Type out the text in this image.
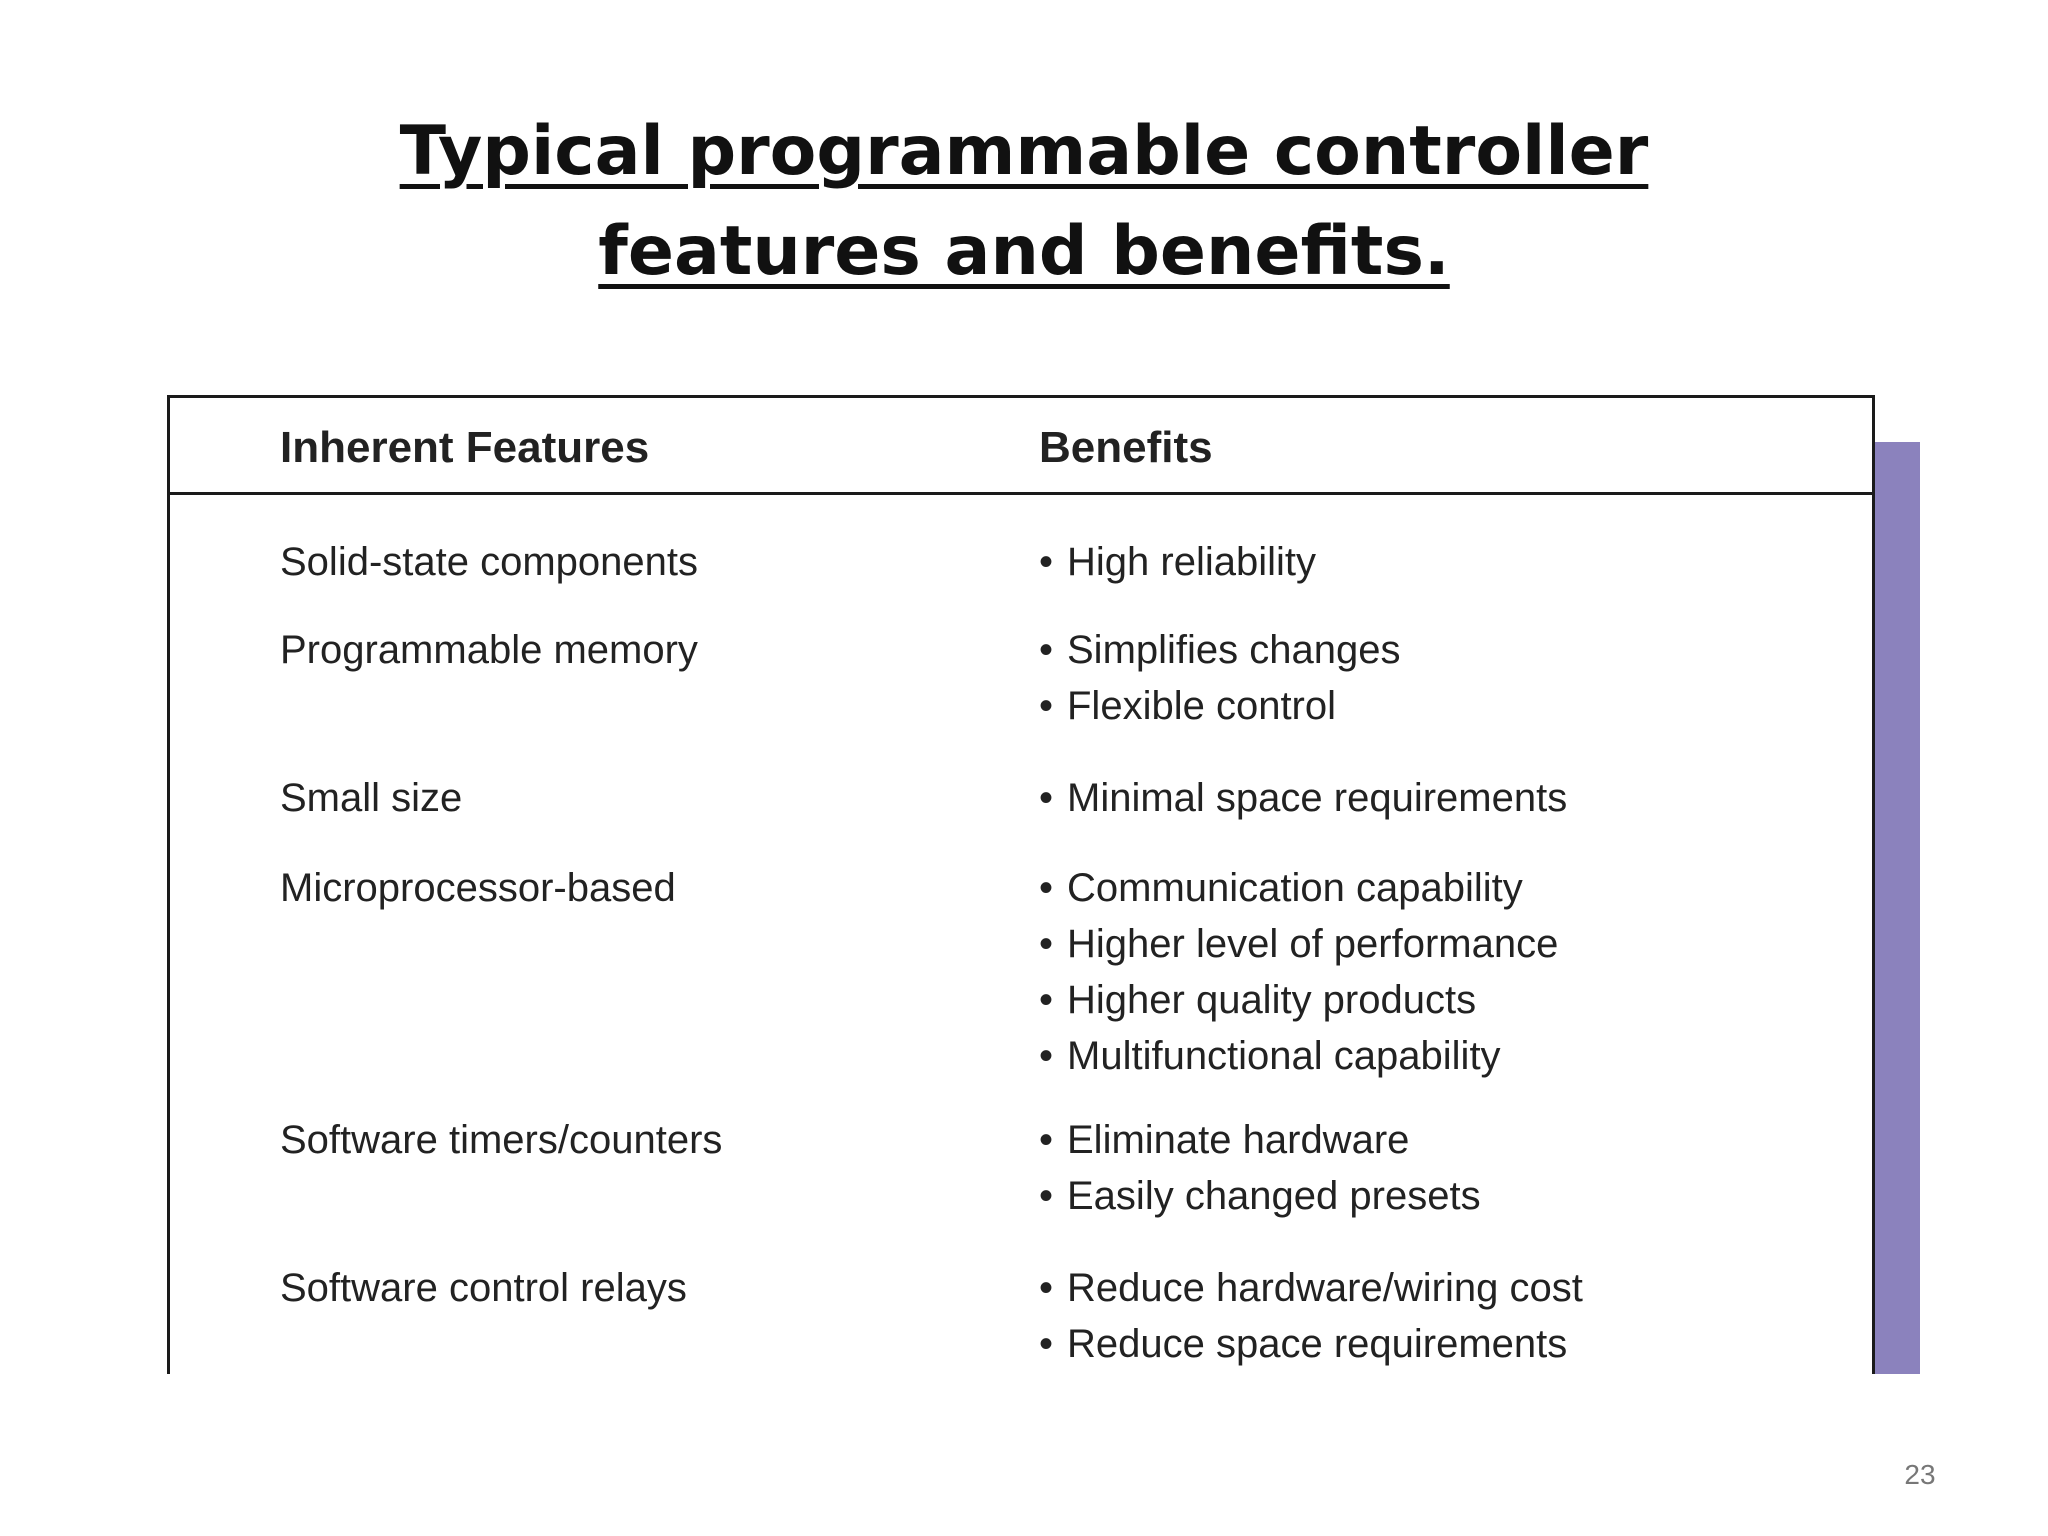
Typical programmable controller
features and benefits.
Inherent Features	Benefits
Solid-state components	• High reliability
Programmable memory	• Simplifies changes
• Flexible control
Small size	• Minimal space requirements
Microprocessor-based	• Communication capability
• Higher level of performance
• Higher quality products
• Multifunctional capability
Software timers/counters	• Eliminate hardware
• Easily changed presets
Software control relays	• Reduce hardware/wiring cost
• Reduce space requirements
23
